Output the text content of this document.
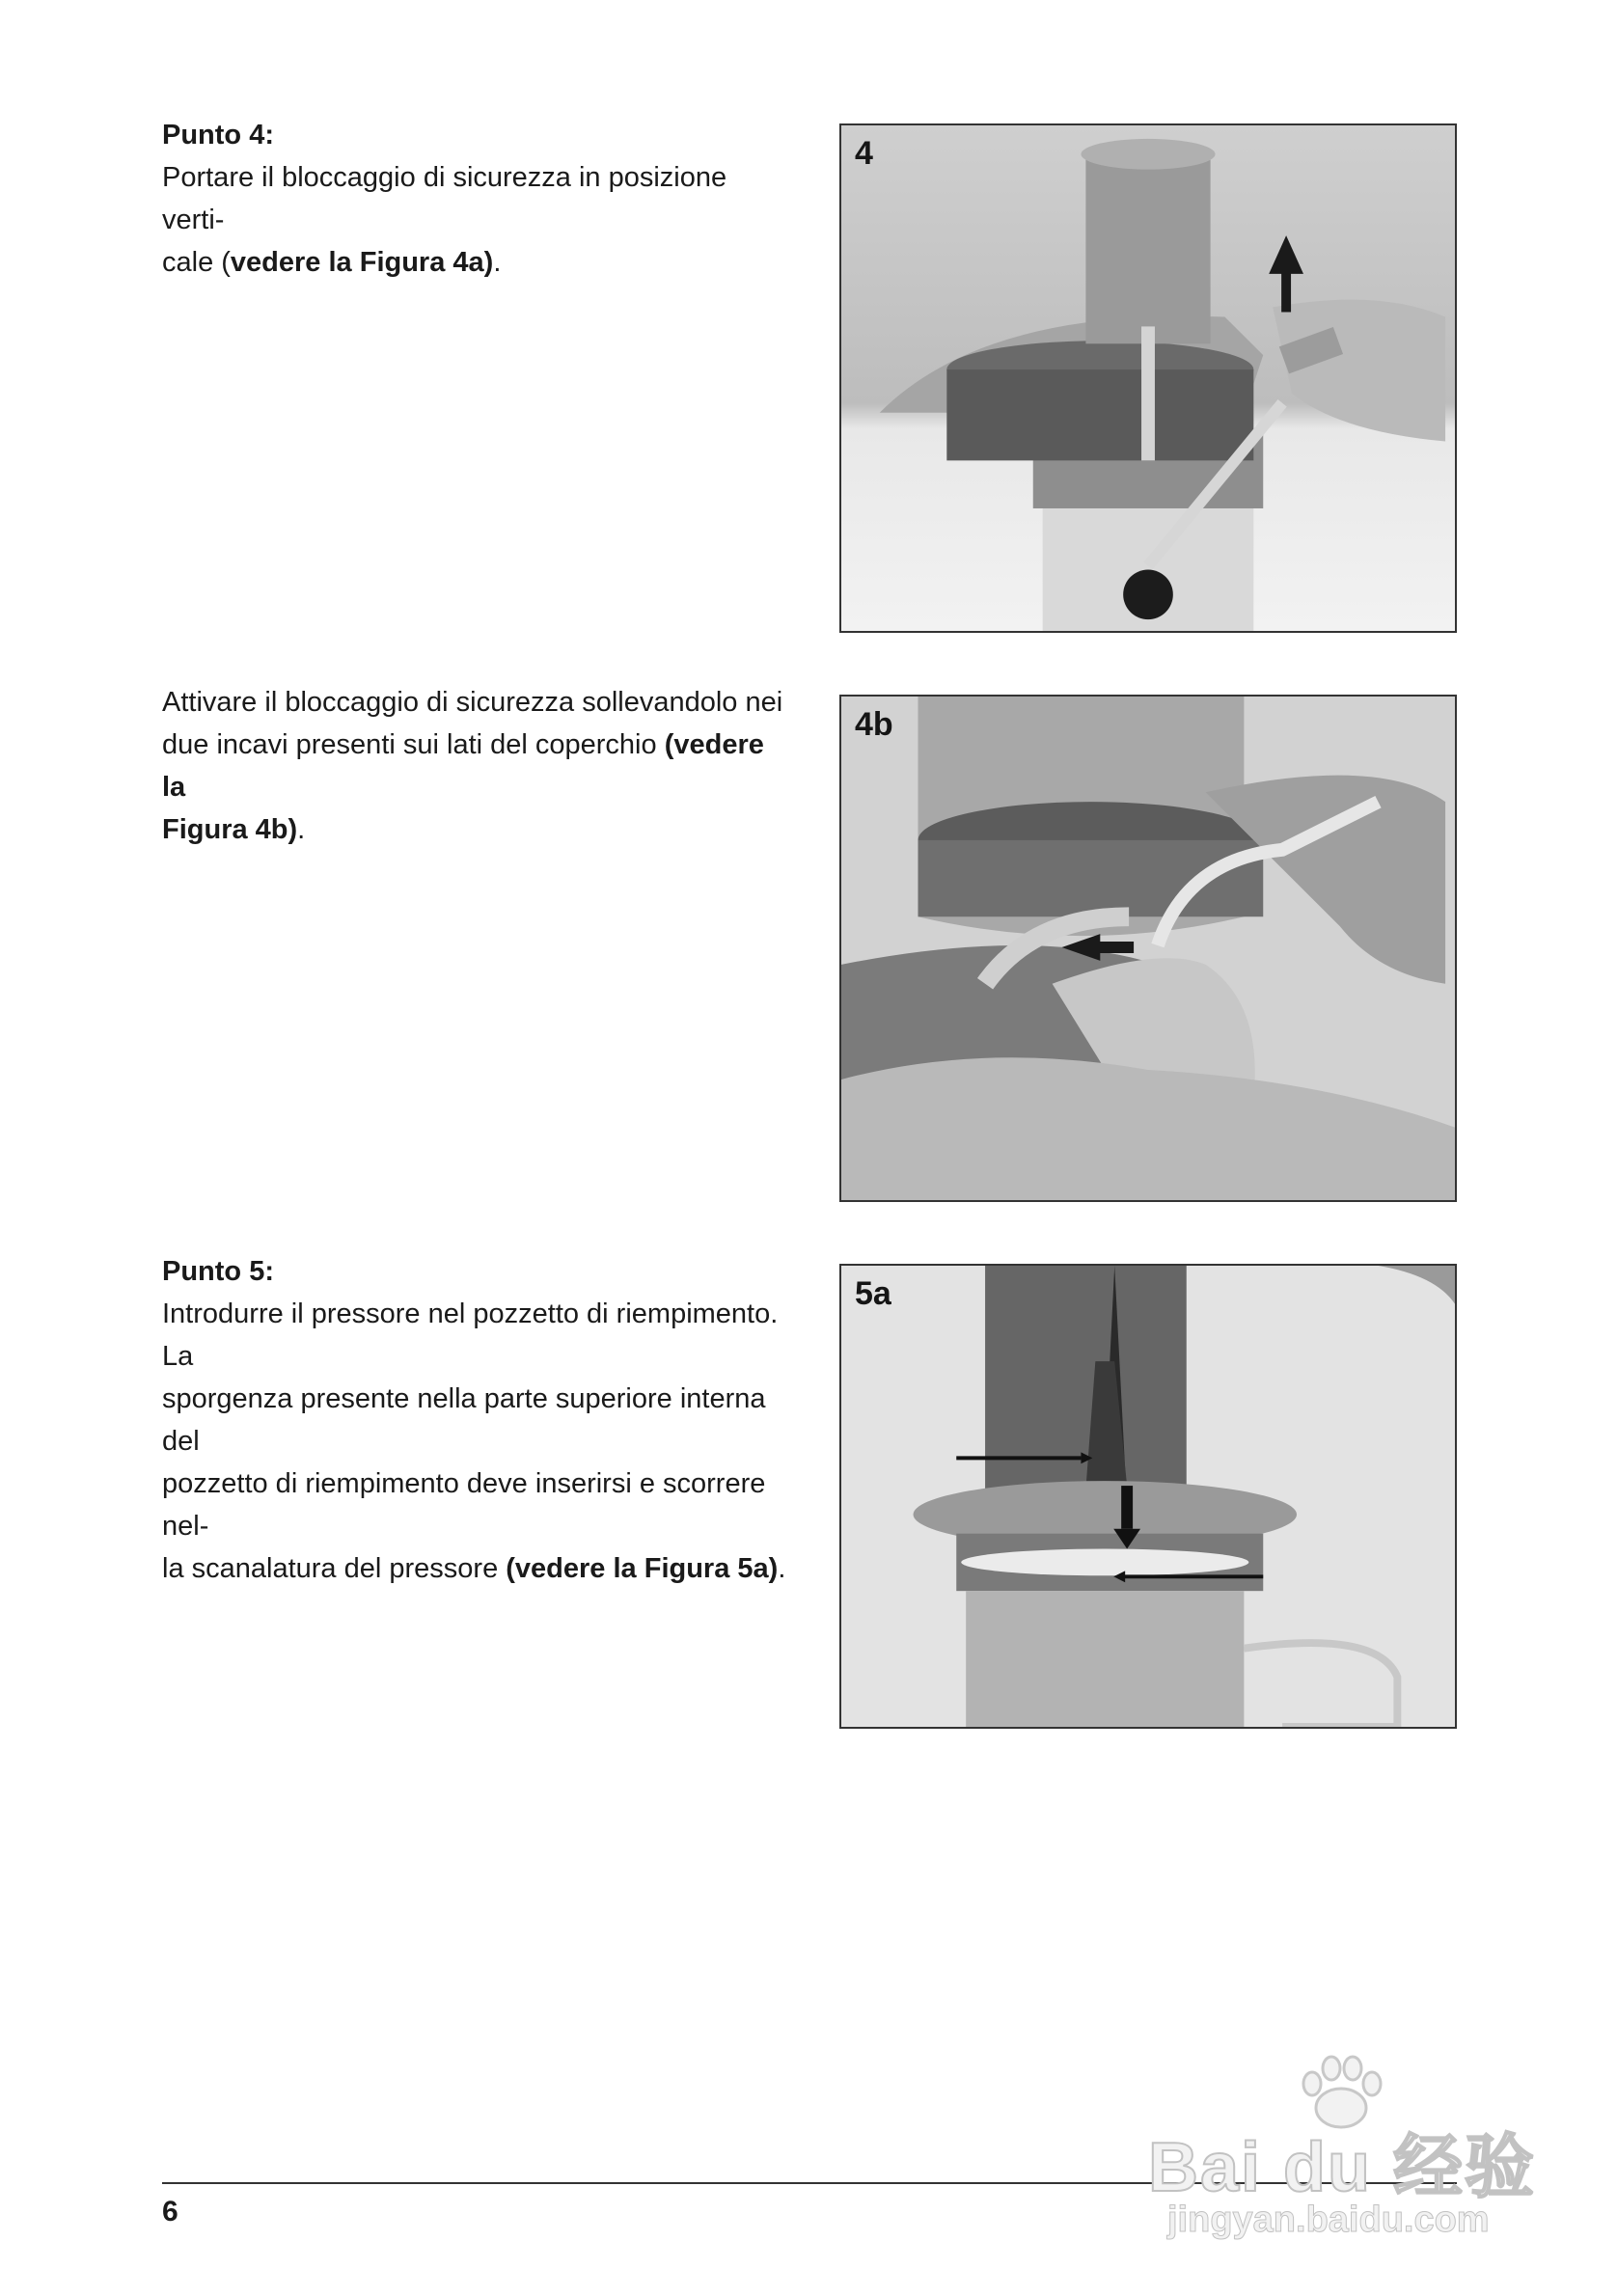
Punto 4:

Portare il bloccaggio di sicurezza in posizione verti-

cale (vedere la Figura 4a).

4

Attivare il bloccaggio di sicurezza sollevandolo nei

due incavi presenti sui lati del coperchio (vedere la

Figura 4b).

4b

Punto 5:

Introdurre il pressore nel pozzetto di riempimento. La

sporgenza presente nella parte superiore interna del

pozzetto di riempimento deve inserirsi e scorrere nel-

la scanalatura del pressore (vedere la Figura 5a).

5a
6
Bai du 经验
jingyan.baidu.com
